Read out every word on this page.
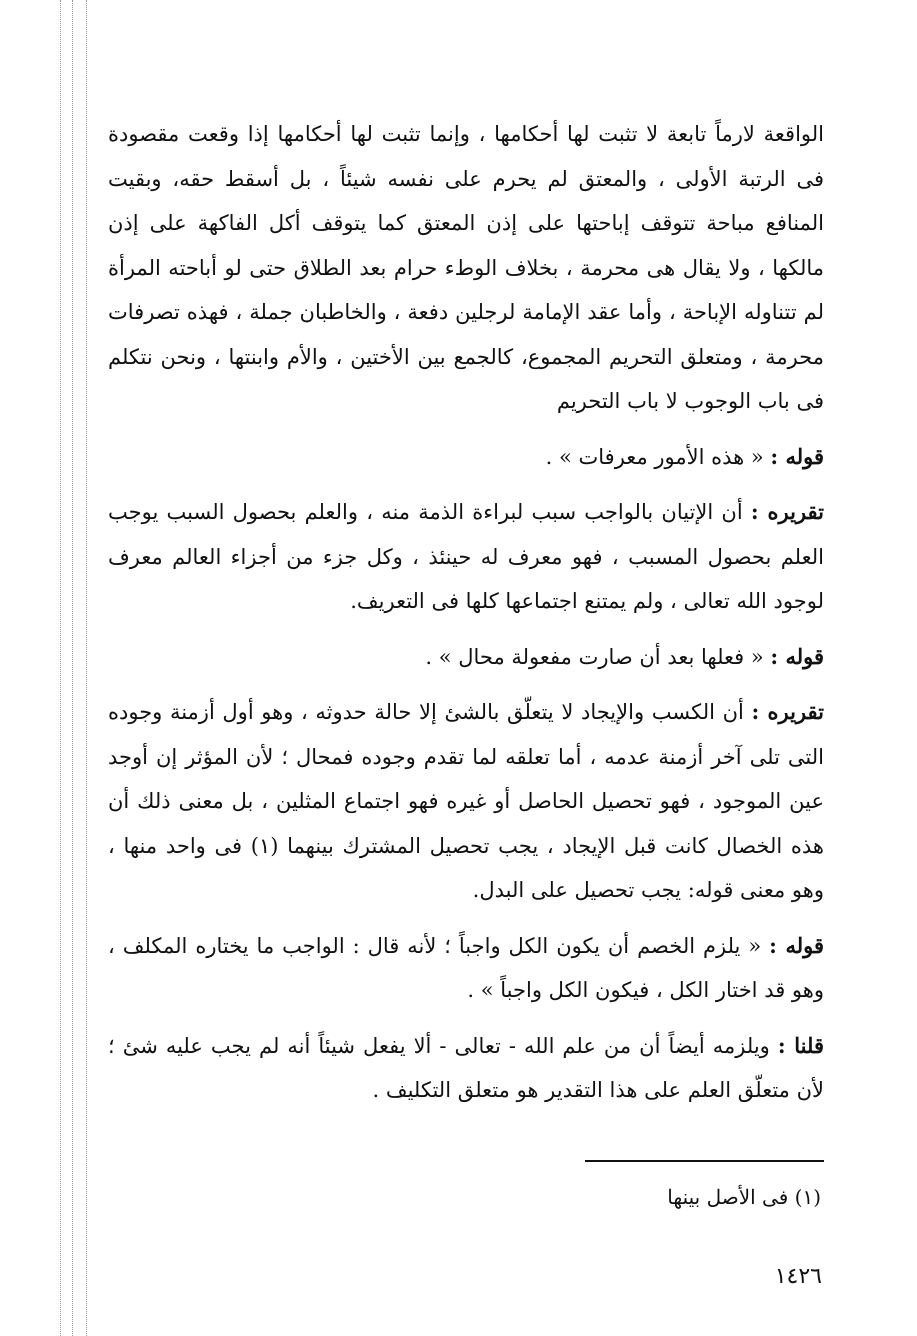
الواقعة لارماً تابعة لا تثبت لها أحكامها ، وإنما تثبت لها أحكامها إذا وقعت مقصودة فى الرتبة الأولى ، والمعتق لم يحرم على نفسه شيئاً ، بل أسقط حقه، وبقيت المنافع مباحة تتوقف إباحتها على إذن المعتق كما يتوقف أكل الفاكهة على إذن مالكها ، ولا يقال هى محرمة ، بخلاف الوطء حرام بعد الطلاق حتى لو أباحته المرأة لم تتناوله الإباحة ، وأما عقد الإمامة لرجلين دفعة ، والخاطبان جملة ، فهذه تصرفات محرمة ، ومتعلق التحريم المجموع، كالجمع بين الأختين ، والأم وابنتها ، ونحن نتكلم فى باب الوجوب لا باب التحريم

قوله : « هذه الأمور معرفات » .

تقريره : أن الإتيان بالواجب سبب لبراءة الذمة منه ، والعلم بحصول السبب يوجب العلم بحصول المسبب ، فهو معرف له حينئذ ، وكل جزء من أجزاء العالم معرف لوجود الله تعالى ، ولم يمتنع اجتماعها كلها فى التعريف.

قوله : « فعلها بعد أن صارت مفعولة محال » .

تقريره : أن الكسب والإيجاد لا يتعلّق بالشئ إلا حالة حدوثه ، وهو أول أزمنة وجوده التى تلى آخر أزمنة عدمه ، أما تعلقه لما تقدم وجوده فمحال ؛ لأن المؤثر إن أوجد عين الموجود ، فهو تحصيل الحاصل أو غيره فهو اجتماع المثلين ، بل معنى ذلك أن هذه الخصال كانت قبل الإيجاد ، يجب تحصيل المشترك بينهما (١) فى واحد منها ، وهو معنى قوله: يجب تحصيل على البدل.

قوله : « يلزم الخصم أن يكون الكل واجباً ؛ لأنه قال : الواجب ما يختاره المكلف ، وهو قد اختار الكل ، فيكون الكل واجباً » .

قلنا : ويلزمه أيضاً أن من علم الله - تعالى - ألا يفعل شيئاً أنه لم يجب عليه شئ ؛ لأن متعلّق العلم على هذا التقدير هو متعلق التكليف .

(١) فى الأصل بينها
١٤٢٦
